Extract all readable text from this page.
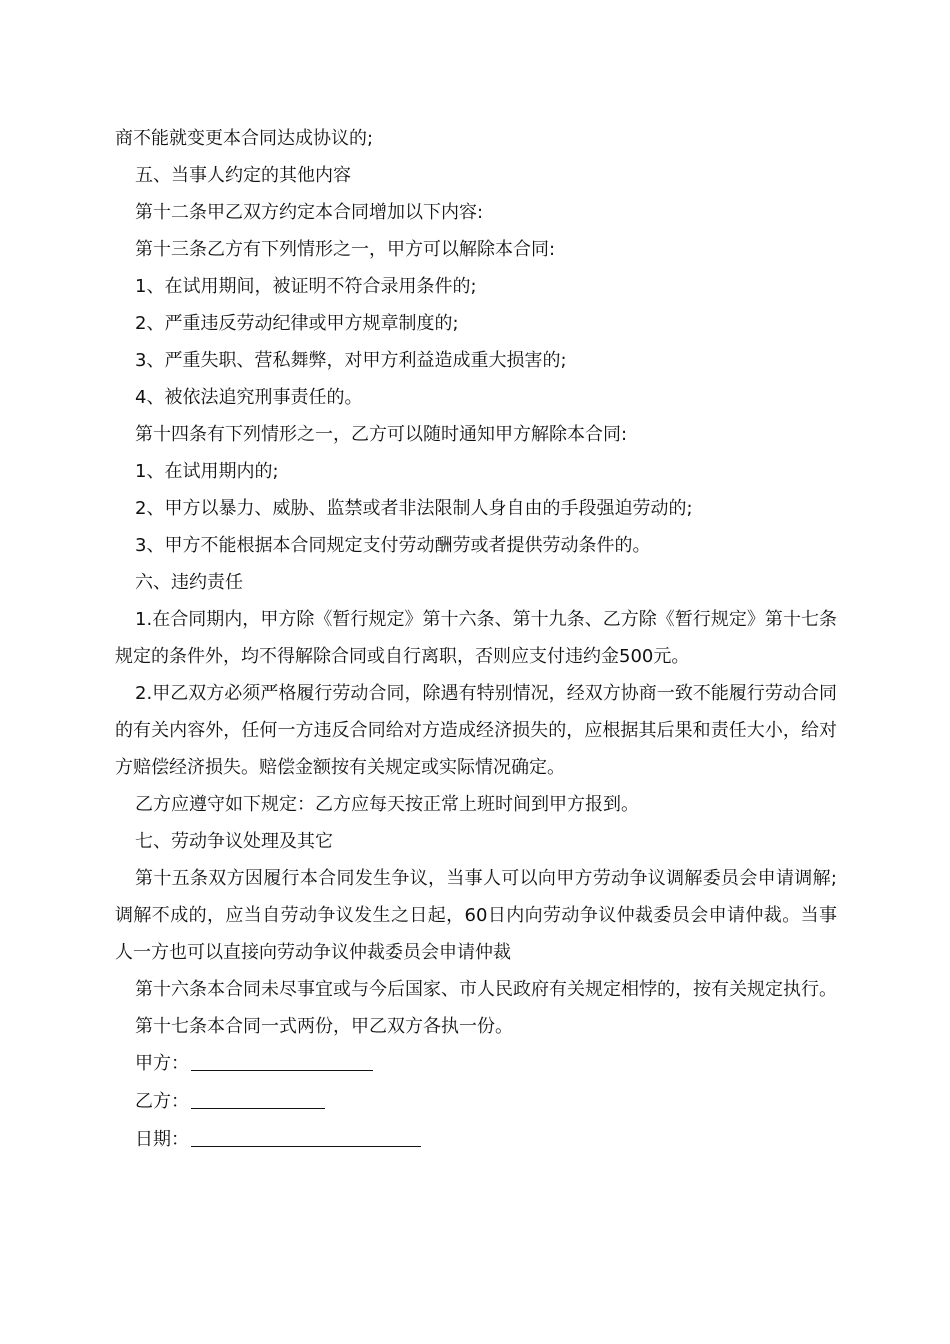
商不能就变更本合同达成协议的;

五、当事人约定的其他内容

第十二条甲乙双方约定本合同增加以下内容:

第十三条乙方有下列情形之一，甲方可以解除本合同:

1、在试用期间，被证明不符合录用条件的;

2、严重违反劳动纪律或甲方规章制度的;

3、严重失职、营私舞弊，对甲方利益造成重大损害的;

4、被依法追究刑事责任的。

第十四条有下列情形之一，乙方可以随时通知甲方解除本合同:

1、在试用期内的;

2、甲方以暴力、威胁、监禁或者非法限制人身自由的手段强迫劳动的;

3、甲方不能根据本合同规定支付劳动酬劳或者提供劳动条件的。

六、违约责任

1.在合同期内，甲方除《暂行规定》第十六条、第十九条、乙方除《暂行规定》第十七条规定的条件外，均不得解除合同或自行离职，否则应支付违约金500元。

2.甲乙双方必须严格履行劳动合同，除遇有特别情况，经双方协商一致不能履行劳动合同的有关内容外，任何一方违反合同给对方造成经济损失的，应根据其后果和责任大小，给对方赔偿经济损失。赔偿金额按有关规定或实际情况确定。

乙方应遵守如下规定：乙方应每天按正常上班时间到甲方报到。

七、劳动争议处理及其它

第十五条双方因履行本合同发生争议，当事人可以向甲方劳动争议调解委员会申请调解;调解不成的，应当自劳动争议发生之日起，60日内向劳动争议仲裁委员会申请仲裁。当事人一方也可以直接向劳动争议仲裁委员会申请仲裁

第十六条本合同未尽事宜或与今后国家、市人民政府有关规定相悖的，按有关规定执行。

第十七条本合同一式两份，甲乙双方各执一份。

甲方：
乙方：
日期：
